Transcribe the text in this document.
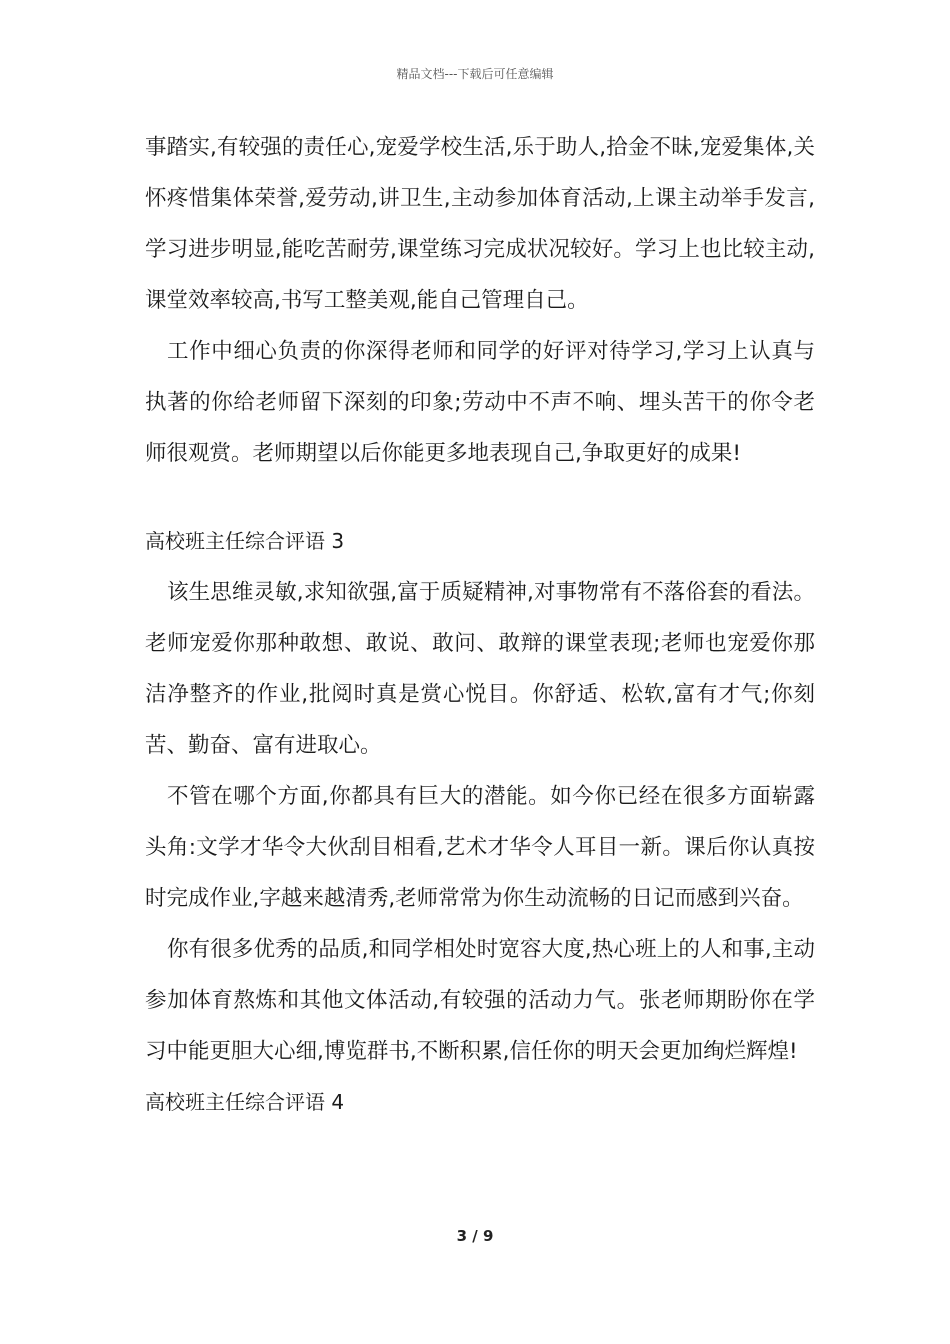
精品文档---下载后可任意编辑

事踏实,有较强的责任心,宠爱学校生活,乐于助人,拾金不昧,宠爱集体,关怀疼惜集体荣誉,爱劳动,讲卫生,主动参加体育活动,上课主动举手发言,学习进步明显,能吃苦耐劳,课堂练习完成状况较好。学习上也比较主动,课堂效率较高,书写工整美观,能自己管理自己。

工作中细心负责的你深得老师和同学的好评对待学习,学习上认真与执著的你给老师留下深刻的印象;劳动中不声不响、埋头苦干的你令老师很观赏。老师期望以后你能更多地表现自己,争取更好的成果!

高校班主任综合评语 3

该生思维灵敏,求知欲强,富于质疑精神,对事物常有不落俗套的看法。老师宠爱你那种敢想、敢说、敢问、敢辩的课堂表现;老师也宠爱你那洁净整齐的作业,批阅时真是赏心悦目。你舒适、松软,富有才气;你刻苦、勤奋、富有进取心。

不管在哪个方面,你都具有巨大的潜能。如今你已经在很多方面崭露头角:文学才华令大伙刮目相看,艺术才华令人耳目一新。课后你认真按时完成作业,字越来越清秀,老师常常为你生动流畅的日记而感到兴奋。

你有很多优秀的品质,和同学相处时宽容大度,热心班上的人和事,主动参加体育熬炼和其他文体活动,有较强的活动力气。张老师期盼你在学习中能更胆大心细,博览群书,不断积累,信任你的明天会更加绚烂辉煌!

高校班主任综合评语 4

3 / 9
